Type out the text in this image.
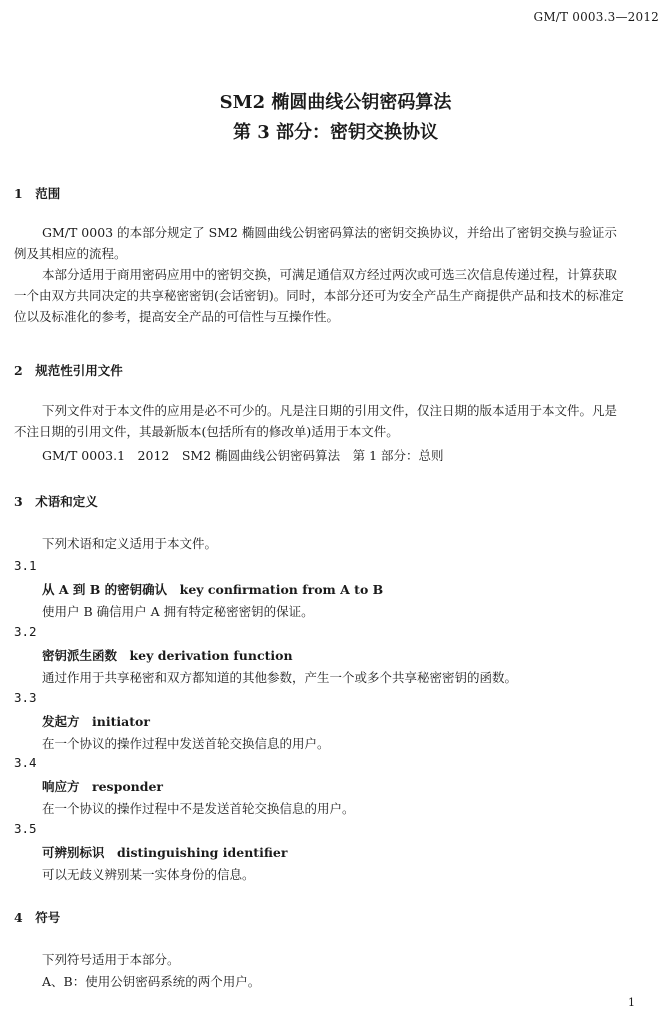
GM/T 0003.3—2012
SM2 椭圆曲线公钥密码算法
第 3 部分：密钥交换协议
1　范围
GM/T 0003 的本部分规定了 SM2 椭圆曲线公钥密码算法的密钥交换协议，并给出了密钥交换与验证示例及其相应的流程。
本部分适用于商用密码应用中的密钥交换，可满足通信双方经过两次或可选三次信息传递过程，计算获取一个由双方共同决定的共享秘密密钥(会话密钥)。同时，本部分还可为安全产品生产商提供产品和技术的标准定位以及标准化的参考，提高安全产品的可信性与互操作性。
2　规范性引用文件
下列文件对于本文件的应用是必不可少的。凡是注日期的引用文件，仅注日期的版本适用于本文件。凡是不注日期的引用文件，其最新版本(包括所有的修改单)适用于本文件。
GM/T 0003.1　2012　SM2 椭圆曲线公钥密码算法　第 1 部分：总则
3　术语和定义
下列术语和定义适用于本文件。
3.1
从 A 到 B 的密钥确认　key confirmation from A to B
使用户 B 确信用户 A 拥有特定秘密密钥的保证。
3.2
密钥派生函数　key derivation function
通过作用于共享秘密和双方都知道的其他参数，产生一个或多个共享秘密密钥的函数。
3.3
发起方　initiator
在一个协议的操作过程中发送首轮交换信息的用户。
3.4
响应方　responder
在一个协议的操作过程中不是发送首轮交换信息的用户。
3.5
可辨别标识　distinguishing identifier
可以无歧义辨别某一实体身份的信息。
4　符号
下列符号适用于本部分。
A、B：使用公钥密码系统的两个用户。
1
